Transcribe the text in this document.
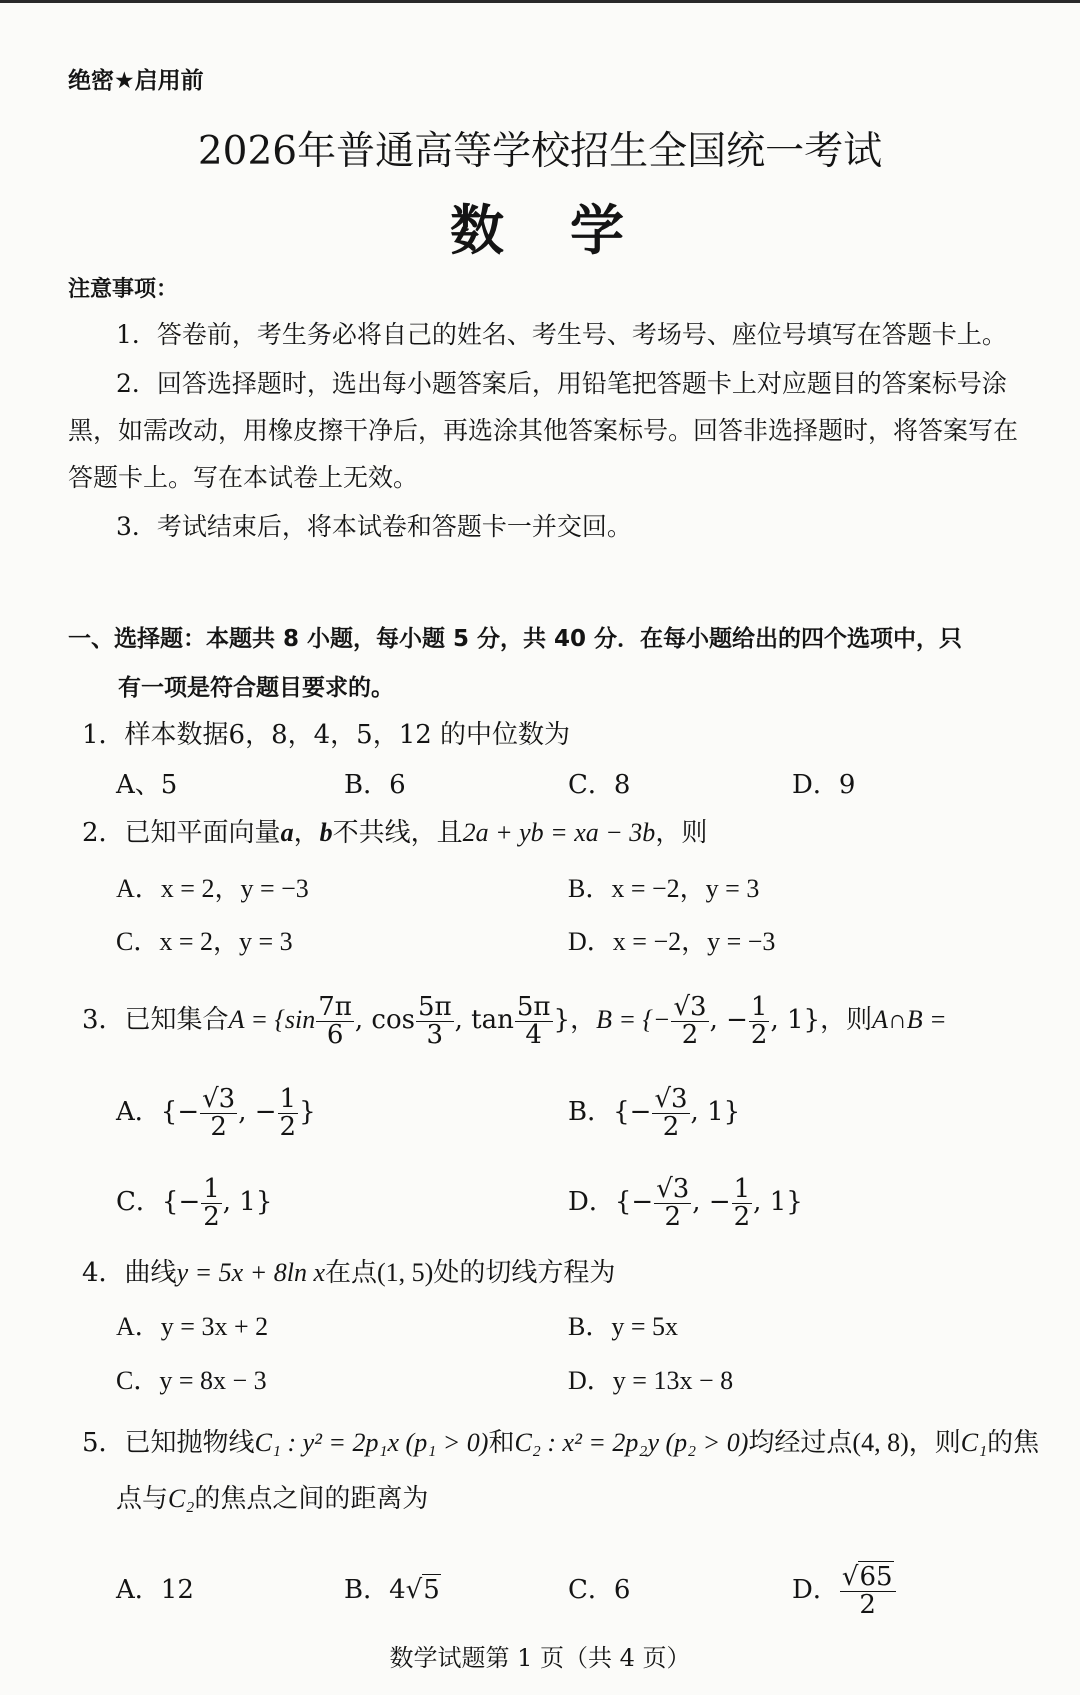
绝密★启用前
2026年普通高等学校招生全国统一考试
数　学
注意事项：
1．答卷前，考生务必将自己的姓名、考生号、考场号、座位号填写在答题卡上。
2．回答选择题时，选出每小题答案后，用铅笔把答题卡上对应题目的答案标号涂
黑，如需改动，用橡皮擦干净后，再选涂其他答案标号。回答非选择题时，将答案写在
答题卡上。写在本试卷上无效。
3．考试结束后，将本试卷和答题卡一并交回。
一、选择题：本题共 8 小题，每小题 5 分，共 40 分．在每小题给出的四个选项中，只
有一项是符合题目要求的。
1．样本数据6，8，4，5，12 的中位数为
A、5	B．6	C．8	D．9
2．已知平面向量a，b不共线，且2a + yb = xa − 3b，则
A．x = 2，y = −3	B．x = −2，y = 3
C．x = 2，y = 3	D．x = −2，y = −3
3．已知集合$A = \{\sin \frac{7\pi}{6}$ , $\cos \frac{5\pi}{3}$ , $\tan \frac{5\pi}{4}$ }，B = {− $\frac{√3}{2}$ , − $\frac{1}{2}$ , 1}，则A∩B =
A．{− $\frac{√3}{2}$ , − $\frac{1}{2}$ }	B．{− $\frac{√3}{2}$ , 1}
C．{− $\frac{1}{2}$ , 1}	D．{− $\frac{√3}{2}$ , − $\frac{1}{2}$ , 1}
4．曲线y = 5x + 8ln x在点(1, 5)处的切线方程为
A．y = 3x + 2	B．y = 5x
C．y = 8x − 3	D．y = 13x − 8
5．已知抛物线C₁ : y² = 2p₁x (p₁ > 0)和C₂ : x² = 2p₂y (p₂ > 0)均经过点(4, 8)，则C₁的焦
点与C₂的焦点之间的距离为
A．12	B．4√5	C．6	D． $\frac{√65}{2}$
数学试题第 1 页（共 4 页）
